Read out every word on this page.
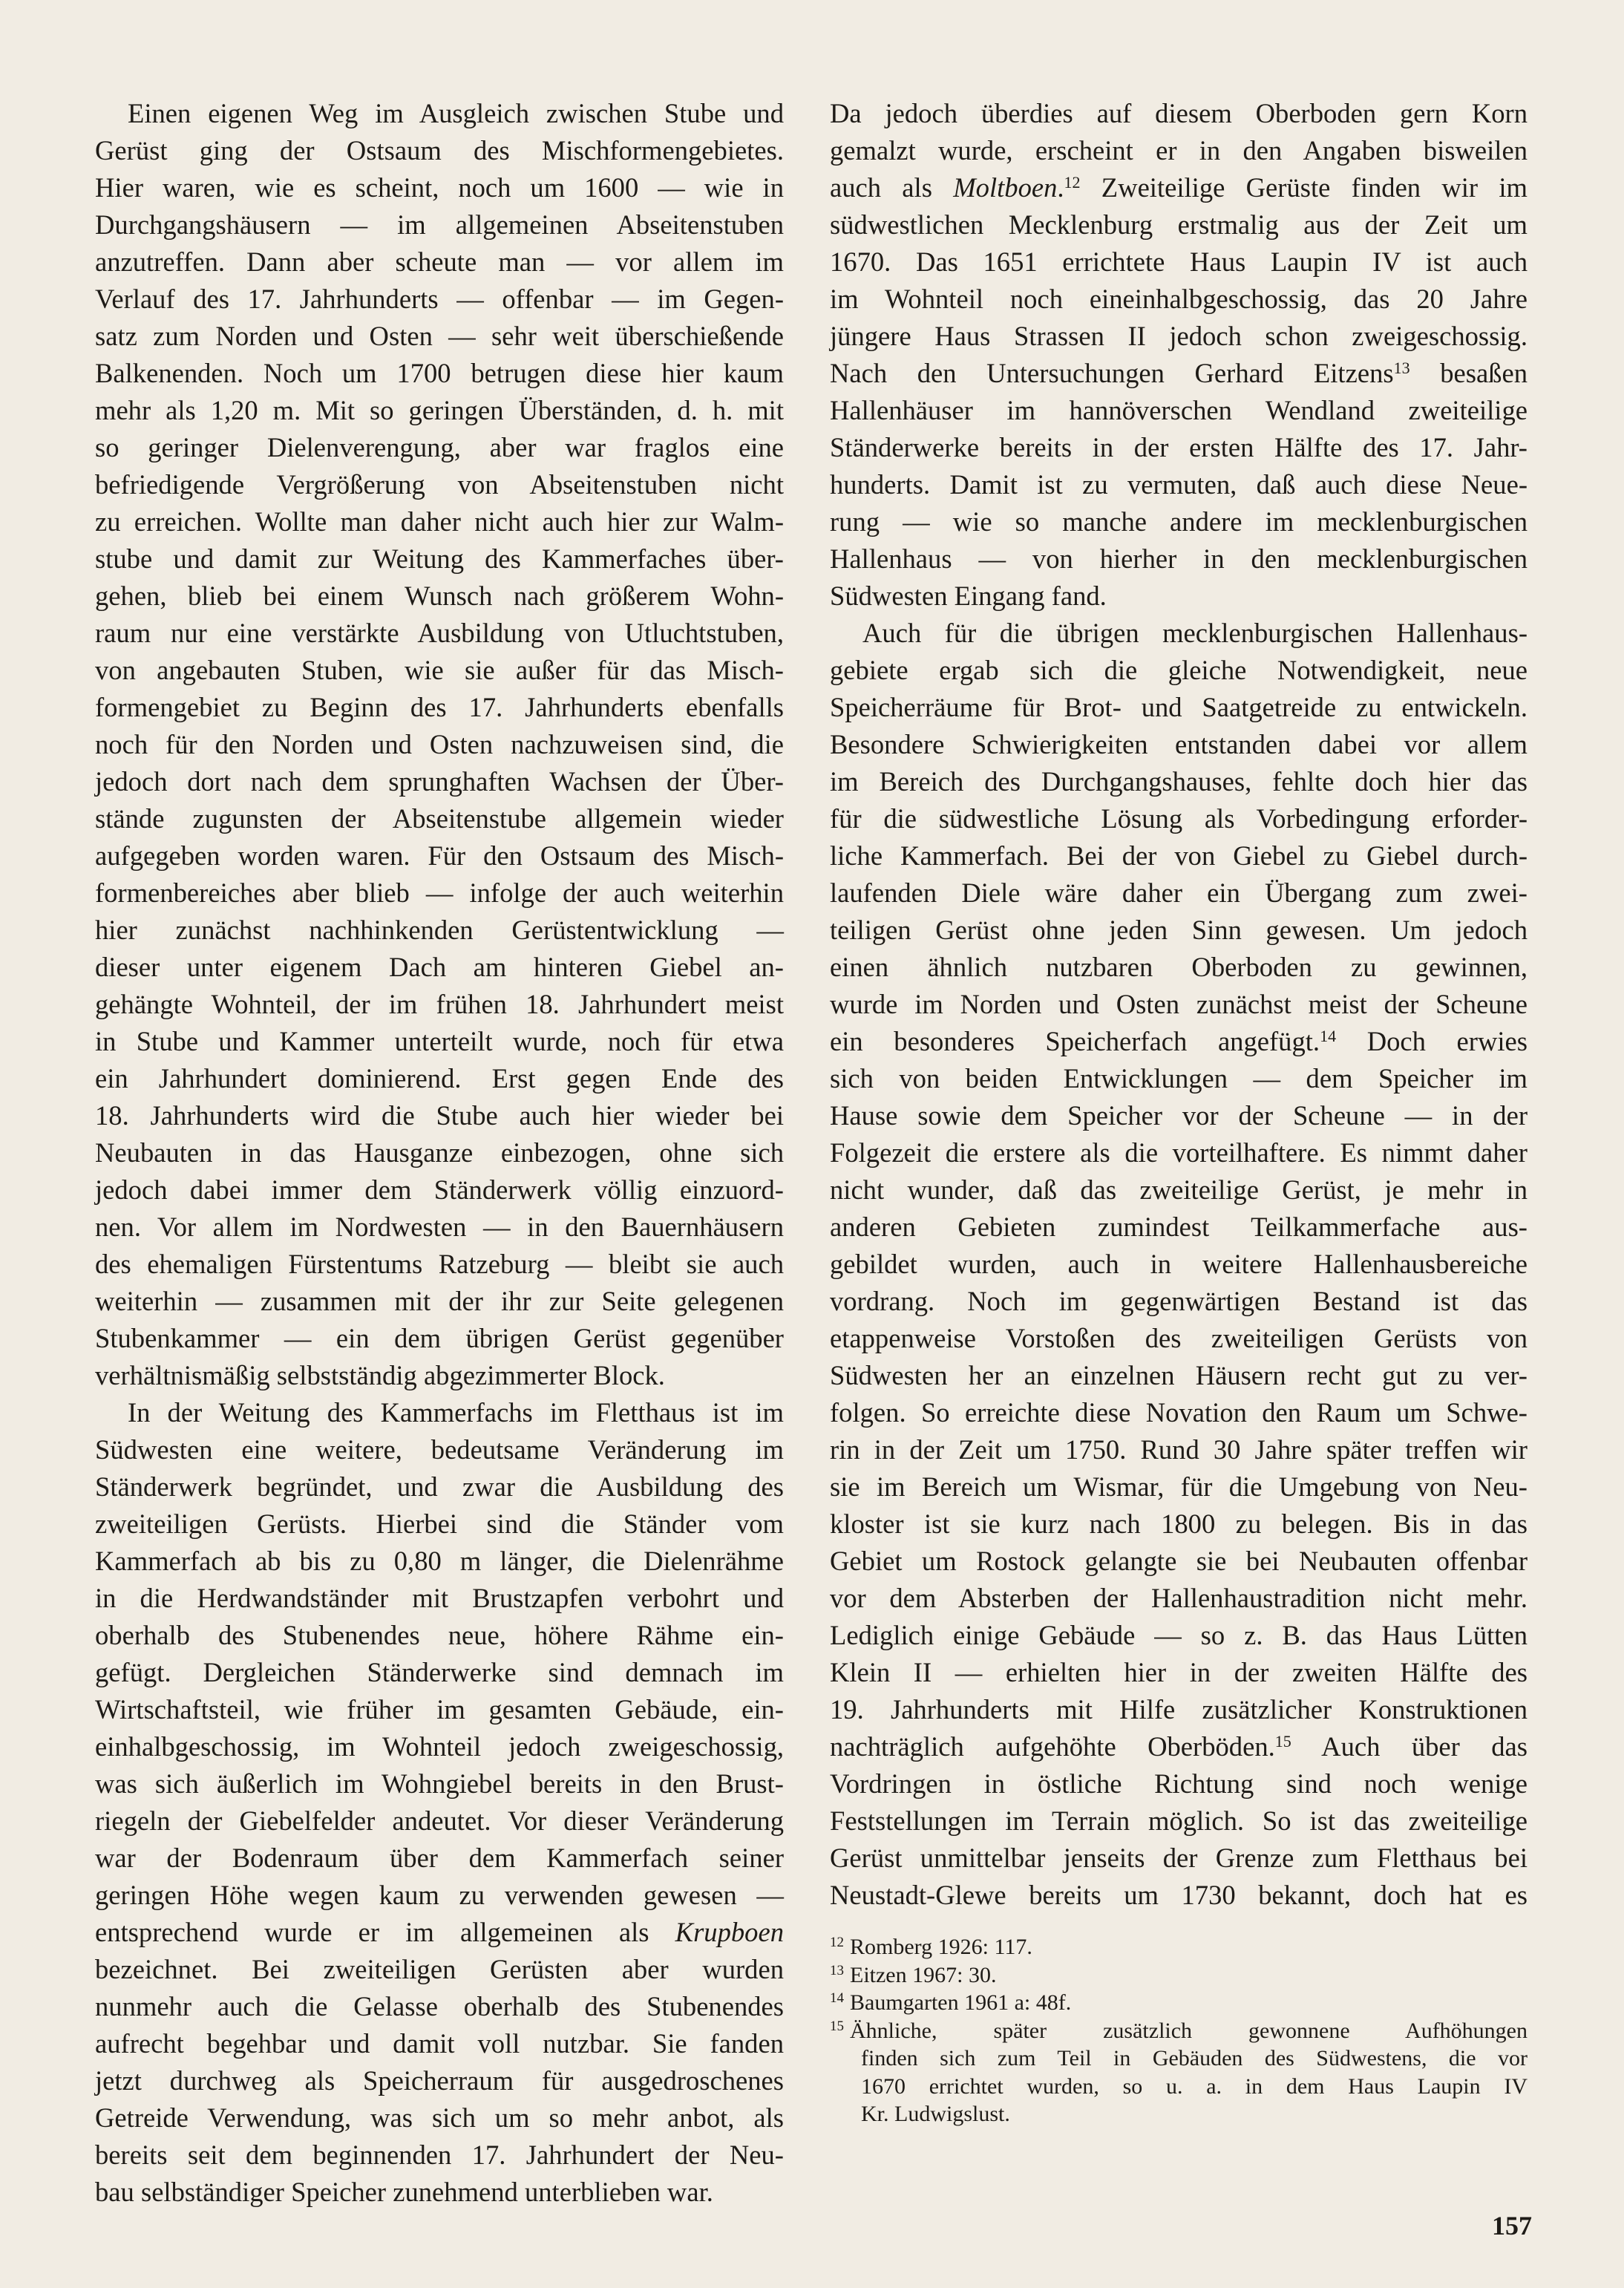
Einen eigenen Weg im Ausgleich zwischen Stube und
Gerüst ging der Ostsaum des Mischformengebietes.
Hier waren, wie es scheint, noch um 1600 — wie in
Durchgangshäusern — im allgemeinen Abseitenstuben
anzutreffen. Dann aber scheute man — vor allem im
Verlauf des 17. Jahrhunderts — offenbar — im Gegen-
satz zum Norden und Osten — sehr weit überschießende
Balkenenden. Noch um 1700 betrugen diese hier kaum
mehr als 1,20 m. Mit so geringen Überständen, d. h. mit
so geringer Dielenverengung, aber war fraglos eine
befriedigende Vergrößerung von Abseitenstuben nicht
zu erreichen. Wollte man daher nicht auch hier zur Walm-
stube und damit zur Weitung des Kammerfaches über-
gehen, blieb bei einem Wunsch nach größerem Wohn-
raum nur eine verstärkte Ausbildung von Utluchtstuben,
von angebauten Stuben, wie sie außer für das Misch-
formengebiet zu Beginn des 17. Jahrhunderts ebenfalls
noch für den Norden und Osten nachzuweisen sind, die
jedoch dort nach dem sprunghaften Wachsen der Über-
stände zugunsten der Abseitenstube allgemein wieder
aufgegeben worden waren. Für den Ostsaum des Misch-
formenbereiches aber blieb — infolge der auch weiterhin
hier zunächst nachhinkenden Gerüstentwicklung —
dieser unter eigenem Dach am hinteren Giebel an-
gehängte Wohnteil, der im frühen 18. Jahrhundert meist
in Stube und Kammer unterteilt wurde, noch für etwa
ein Jahrhundert dominierend. Erst gegen Ende des
18. Jahrhunderts wird die Stube auch hier wieder bei
Neubauten in das Hausganze einbezogen, ohne sich
jedoch dabei immer dem Ständerwerk völlig einzuord-
nen. Vor allem im Nordwesten — in den Bauernhäusern
des ehemaligen Fürstentums Ratzeburg — bleibt sie auch
weiterhin — zusammen mit der ihr zur Seite gelegenen
Stubenkammer — ein dem übrigen Gerüst gegenüber
verhältnismäßig selbstständig abgezimmerter Block.
In der Weitung des Kammerfachs im Fletthaus ist im
Südwesten eine weitere, bedeutsame Veränderung im
Ständerwerk begründet, und zwar die Ausbildung des
zweiteiligen Gerüsts. Hierbei sind die Ständer vom
Kammerfach ab bis zu 0,80 m länger, die Dielenrähme
in die Herdwandständer mit Brustzapfen verbohrt und
oberhalb des Stubenendes neue, höhere Rähme ein-
gefügt. Dergleichen Ständerwerke sind demnach im
Wirtschaftsteil, wie früher im gesamten Gebäude, ein-
einhalbgeschossig, im Wohnteil jedoch zweigeschossig,
was sich äußerlich im Wohngiebel bereits in den Brust-
riegeln der Giebelfelder andeutet. Vor dieser Veränderung
war der Bodenraum über dem Kammerfach seiner
geringen Höhe wegen kaum zu verwenden gewesen —
entsprechend wurde er im allgemeinen als Krupboen
bezeichnet. Bei zweiteiligen Gerüsten aber wurden
nunmehr auch die Gelasse oberhalb des Stubenendes
aufrecht begehbar und damit voll nutzbar. Sie fanden
jetzt durchweg als Speicherraum für ausgedroschenes
Getreide Verwendung, was sich um so mehr anbot, als
bereits seit dem beginnenden 17. Jahrhundert der Neu-
bau selbständiger Speicher zunehmend unterblieben war.
Da jedoch überdies auf diesem Oberboden gern Korn
gemalzt wurde, erscheint er in den Angaben bisweilen
auch als Moltboen.$^{12}$ Zweiteilige Gerüste finden wir im
südwestlichen Mecklenburg erstmalig aus der Zeit um
1670. Das 1651 errichtete Haus Laupin IV ist auch
im Wohnteil noch eineinhalbgeschossig, das 20 Jahre
jüngere Haus Strassen II jedoch schon zweigeschossig.
Nach den Untersuchungen Gerhard Eitzens$^{13}$ besaßen
Hallenhäuser im hannöverschen Wendland zweiteilige
Ständerwerke bereits in der ersten Hälfte des 17. Jahr-
hunderts. Damit ist zu vermuten, daß auch diese Neue-
rung — wie so manche andere im mecklenburgischen
Hallenhaus — von hierher in den mecklenburgischen
Südwesten Eingang fand.
Auch für die übrigen mecklenburgischen Hallenhaus-
gebiete ergab sich die gleiche Notwendigkeit, neue
Speicherräume für Brot- und Saatgetreide zu entwickeln.
Besondere Schwierigkeiten entstanden dabei vor allem
im Bereich des Durchgangshauses, fehlte doch hier das
für die südwestliche Lösung als Vorbedingung erforder-
liche Kammerfach. Bei der von Giebel zu Giebel durch-
laufenden Diele wäre daher ein Übergang zum zwei-
teiligen Gerüst ohne jeden Sinn gewesen. Um jedoch
einen ähnlich nutzbaren Oberboden zu gewinnen,
wurde im Norden und Osten zunächst meist der Scheune
ein besonderes Speicherfach angefügt.$^{14}$ Doch erwies
sich von beiden Entwicklungen — dem Speicher im
Hause sowie dem Speicher vor der Scheune — in der
Folgezeit die erstere als die vorteilhaftere. Es nimmt daher
nicht wunder, daß das zweiteilige Gerüst, je mehr in
anderen Gebieten zumindest Teilkammerfache aus-
gebildet wurden, auch in weitere Hallenhausbereiche
vordrang. Noch im gegenwärtigen Bestand ist das
etappenweise Vorstoßen des zweiteiligen Gerüsts von
Südwesten her an einzelnen Häusern recht gut zu ver-
folgen. So erreichte diese Novation den Raum um Schwe-
rin in der Zeit um 1750. Rund 30 Jahre später treffen wir
sie im Bereich um Wismar, für die Umgebung von Neu-
kloster ist sie kurz nach 1800 zu belegen. Bis in das
Gebiet um Rostock gelangte sie bei Neubauten offenbar
vor dem Absterben der Hallenhaustradition nicht mehr.
Lediglich einige Gebäude — so z. B. das Haus Lütten
Klein II — erhielten hier in der zweiten Hälfte des
19. Jahrhunderts mit Hilfe zusätzlicher Konstruktionen
nachträglich aufgehöhte Oberböden.$^{15}$ Auch über das
Vordringen in östliche Richtung sind noch wenige
Feststellungen im Terrain möglich. So ist das zweiteilige
Gerüst unmittelbar jenseits der Grenze zum Fletthaus bei
Neustadt-Glewe bereits um 1730 bekannt, doch hat es
$^{12}$ Romberg 1926: 117.
$^{13}$ Eitzen 1967: 30.
$^{14}$ Baumgarten 1961 a: 48f.
$^{15}$ Ähnliche, später zusätzlich gewonnene Aufhöhungen
finden sich zum Teil in Gebäuden des Südwestens, die vor
1670 errichtet wurden, so u. a. in dem Haus Laupin IV
Kr. Ludwigslust.
157
